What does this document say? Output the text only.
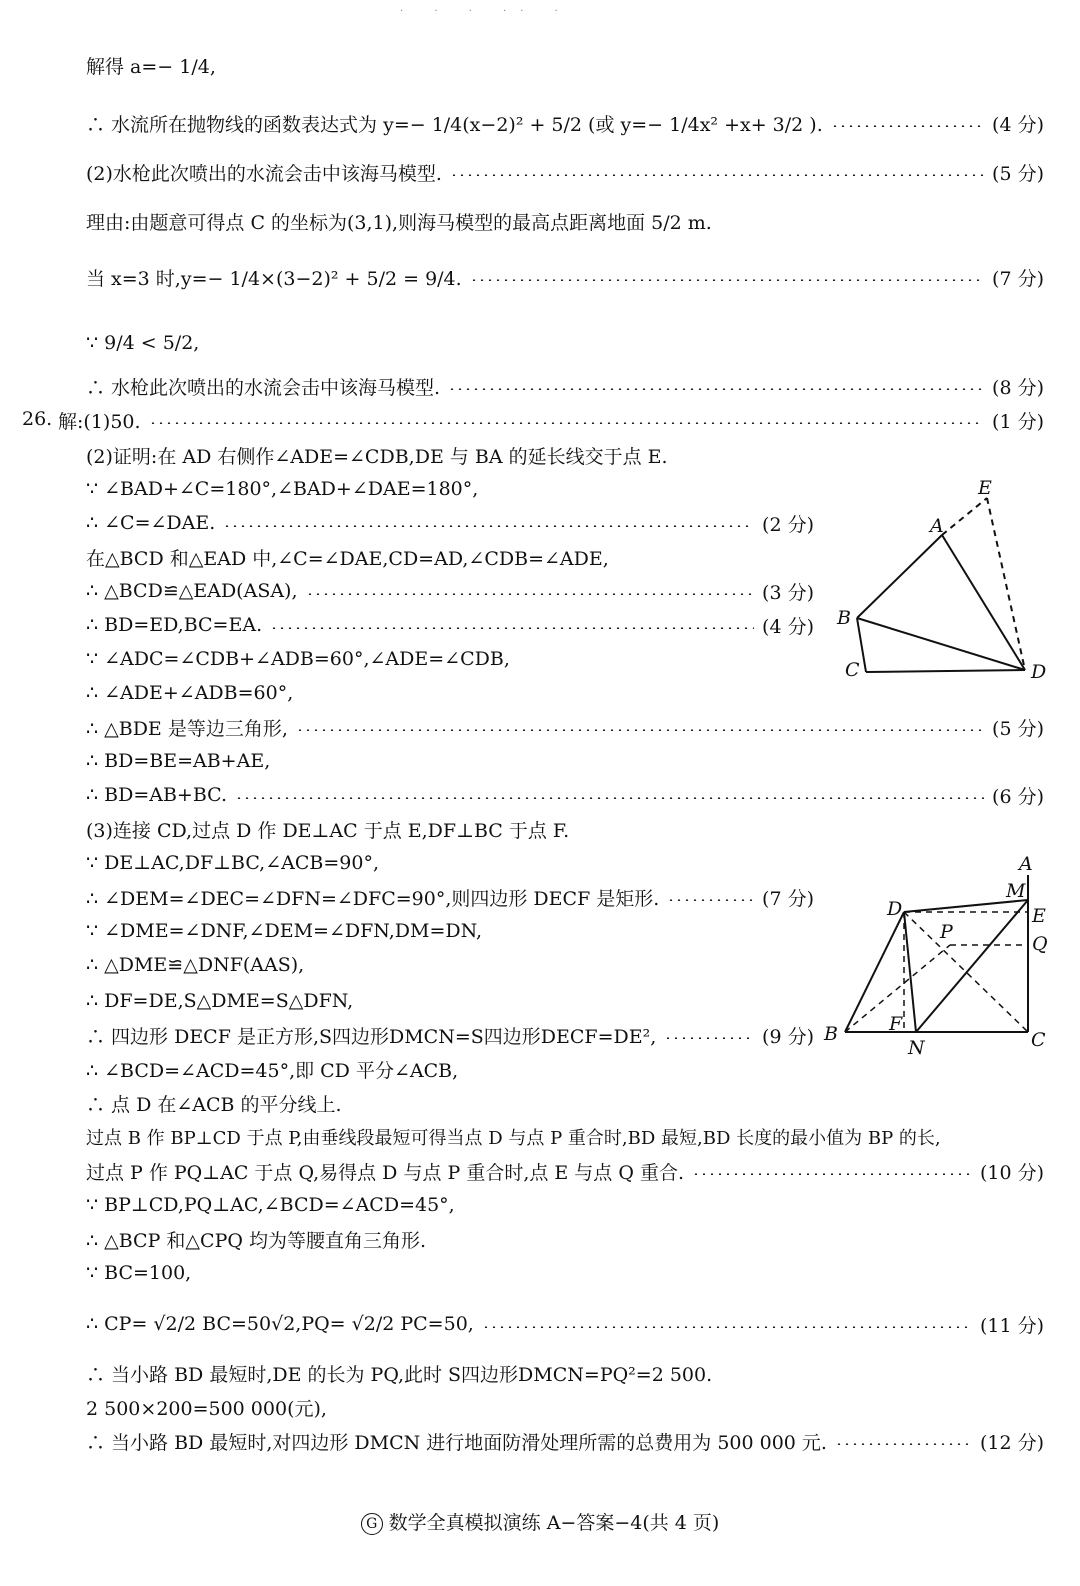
· · · ·· ·
解得 a=− 1/4,
∴ 水流所在抛物线的函数表达式为 y=− 1/4(x−2)² + 5/2 (或 y=− 1/4x² +x+ 3/2 ).	(4 分)
(2)水枪此次喷出的水流会击中该海马模型.	(5 分)
理由:由题意可得点 C 的坐标为(3,1),则海马模型的最高点距离地面 5/2 m.
当 x=3 时,y=− 1/4×(3−2)² + 5/2 = 9/4.	(7 分)
∵ 9/4 < 5/2,
∴ 水枪此次喷出的水流会击中该海马模型.	(8 分)
26. 解:(1)50.	(1 分)
(2)证明:在 AD 右侧作∠ADE=∠CDB,DE 与 BA 的延长线交于点 E.
∵ ∠BAD+∠C=180°,∠BAD+∠DAE=180°,
∴ ∠C=∠DAE.	(2 分)
在△BCD 和△EAD 中,∠C=∠DAE,CD=AD,∠CDB=∠ADE,
∴ △BCD≌△EAD(ASA),	(3 分)
∴ BD=ED,BC=EA.	(4 分)
∵ ∠ADC=∠CDB+∠ADB=60°,∠ADE=∠CDB,
∴ ∠ADE+∠ADB=60°,
∴ △BDE 是等边三角形,	(5 分)
∴ BD=BE=AB+AE,
∴ BD=AB+BC.	(6 分)
(3)连接 CD,过点 D 作 DE⊥AC 于点 E,DF⊥BC 于点 F.
∵ DE⊥AC,DF⊥BC,∠ACB=90°,
∴ ∠DEM=∠DEC=∠DFN=∠DFC=90°,则四边形 DECF 是矩形.	(7 分)
∵ ∠DME=∠DNF,∠DEM=∠DFN,DM=DN,
∴ △DME≌△DNF(AAS),
∴ DF=DE,S△DME=S△DFN,
∴ 四边形 DECF 是正方形,S四边形DMCN=S四边形DECF=DE²,	(9 分)
∴ ∠BCD=∠ACD=45°,即 CD 平分∠ACB,
∴ 点 D 在∠ACB 的平分线上.
过点 B 作 BP⊥CD 于点 P,由垂线段最短可得当点 D 与点 P 重合时,BD 最短,BD 长度的最小值为 BP 的长,
过点 P 作 PQ⊥AC 于点 Q,易得点 D 与点 P 重合时,点 E 与点 Q 重合.	(10 分)
∵ BP⊥CD,PQ⊥AC,∠BCD=∠ACD=45°,
∴ △BCP 和△CPQ 均为等腰直角三角形.
∵ BC=100,
∴ CP= √2/2 BC=50√2,PQ= √2/2 PC=50,	(11 分)
∴ 当小路 BD 最短时,DE 的长为 PQ,此时 S四边形DMCN=PQ²=2 500.
2 500×200=500 000(元),
∴ 当小路 BD 最短时,对四边形 DMCN 进行地面防滑处理所需的总费用为 500 000 元.	(12 分)
E
A
B
C	D
A
M
D	E
P
Q
B	F
N	C
G 数学全真模拟演练 A−答案−4(共 4 页)
